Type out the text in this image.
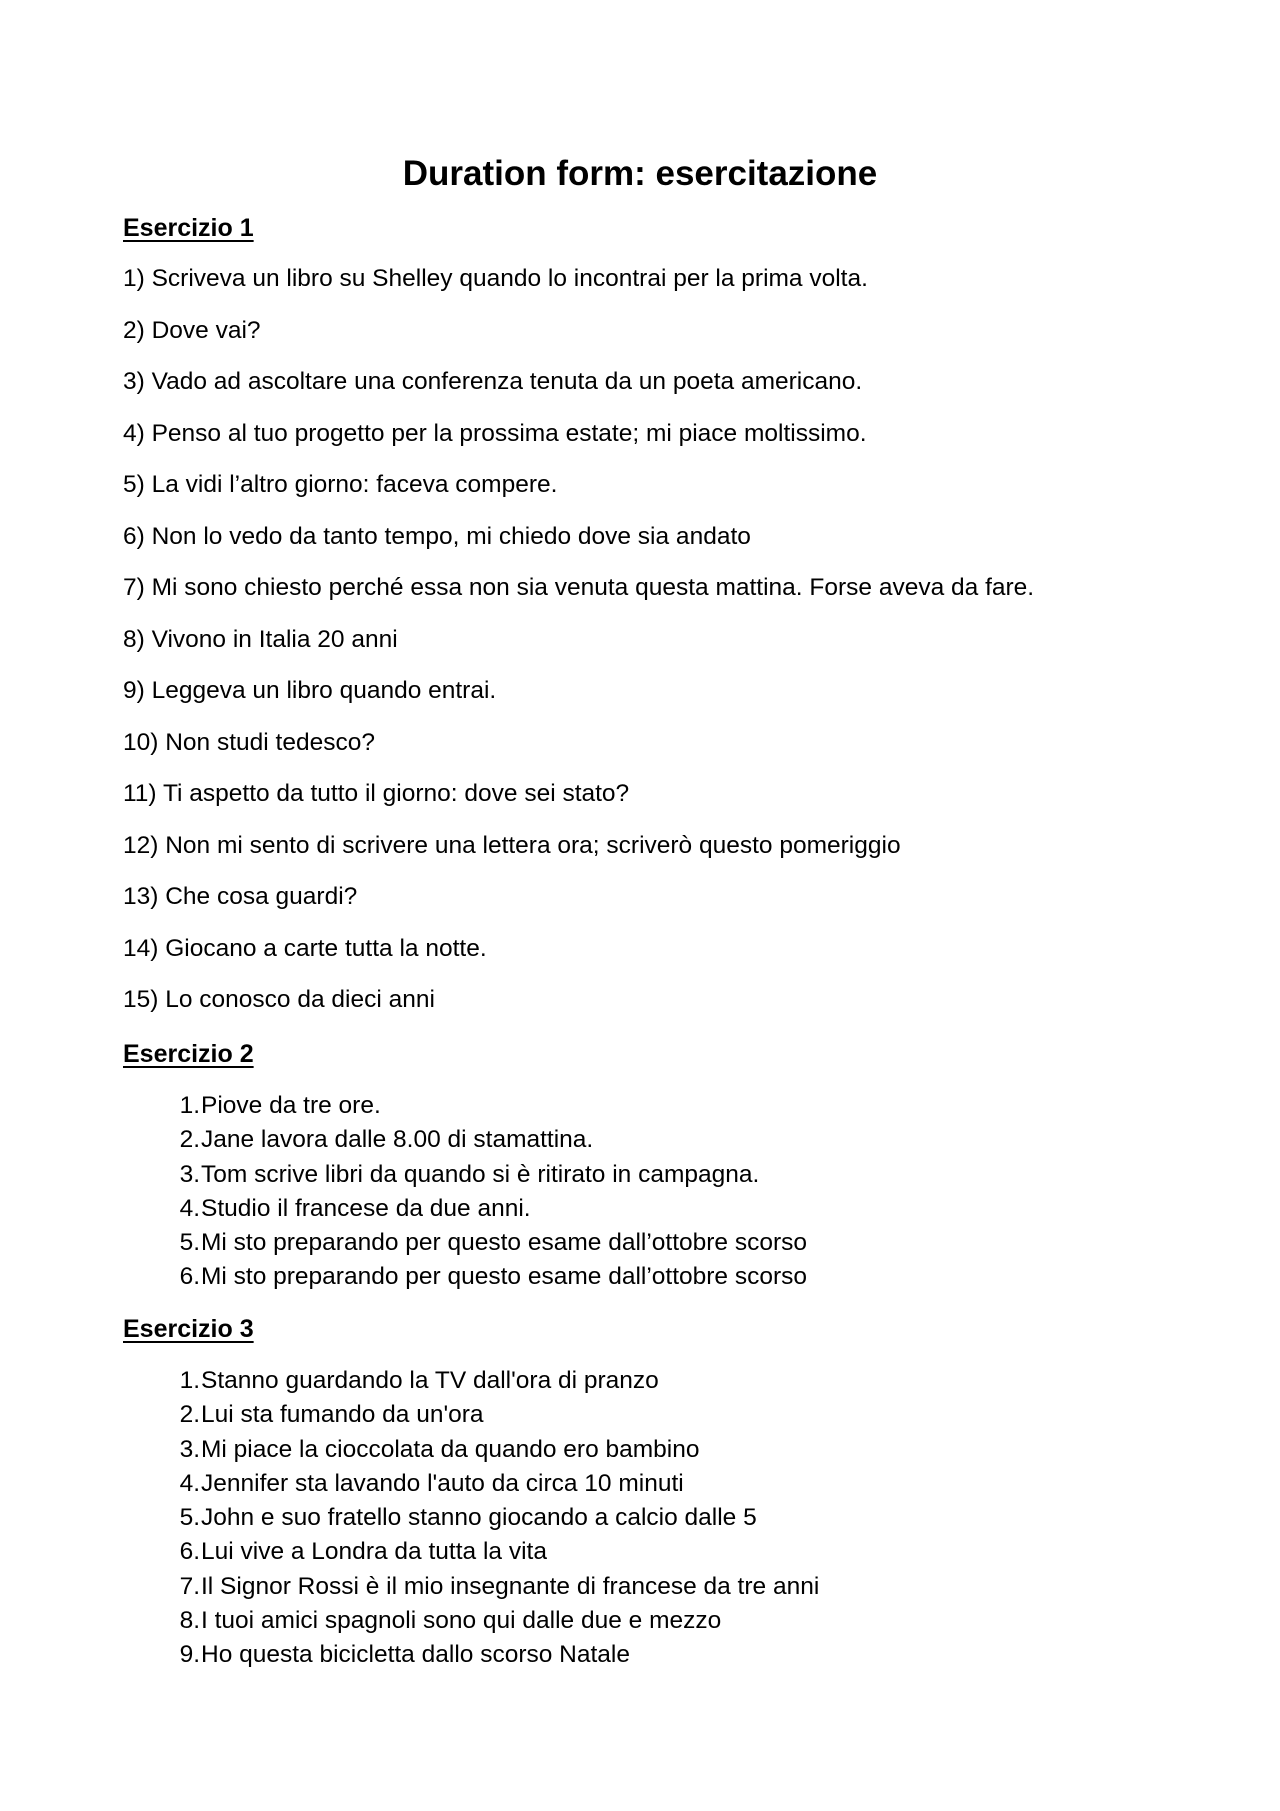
Duration form: esercitazione
Esercizio 1
1) Scriveva un libro su Shelley quando lo incontrai per la prima volta.
2) Dove vai?
3) Vado ad ascoltare una conferenza tenuta da un poeta americano.
4) Penso al tuo progetto per la prossima estate; mi piace moltissimo.
5) La vidi l’altro giorno: faceva compere.
6) Non lo vedo da tanto tempo, mi chiedo dove sia andato
7) Mi sono chiesto perché essa non sia venuta questa mattina. Forse aveva da fare.
8) Vivono in Italia 20 anni
9) Leggeva un libro quando entrai.
10) Non studi tedesco?
11) Ti aspetto da tutto il giorno: dove sei stato?
12) Non mi sento di scrivere una lettera ora; scriverò questo pomeriggio
13) Che cosa guardi?
14) Giocano a carte tutta la notte.
15) Lo conosco da dieci anni
Esercizio 2
1. Piove da tre ore.
2. Jane lavora dalle 8.00 di stamattina.
3. Tom scrive libri da quando si è ritirato in campagna.
4. Studio il francese da due anni.
5. Mi sto preparando per questo esame dall’ottobre scorso
6. Mi sto preparando per questo esame dall’ottobre scorso
Esercizio 3
1. Stanno guardando la TV dall'ora di pranzo
2. Lui sta fumando da un'ora
3. Mi piace la cioccolata da quando ero bambino
4. Jennifer sta lavando l'auto da circa 10 minuti
5. John e suo fratello stanno giocando a calcio dalle 5
6. Lui vive a Londra da tutta la vita
7. Il Signor Rossi è il mio insegnante di francese da tre anni
8. I tuoi amici spagnoli sono qui dalle due e mezzo
9. Ho questa bicicletta dallo scorso Natale
